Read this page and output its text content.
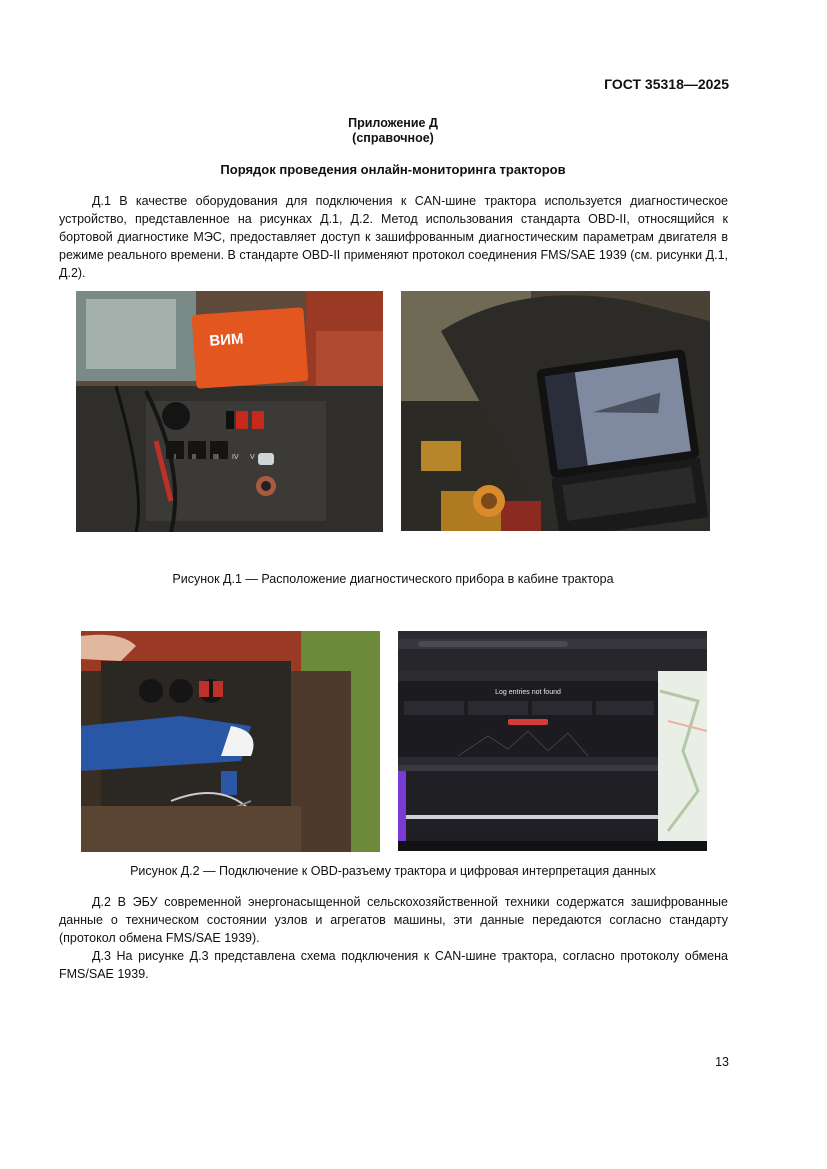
ГОСТ 35318—2025
Приложение Д
(справочное)
Порядок проведения онлайн-мониторинга тракторов
Д.1 В качестве оборудования для подключения к CAN-шине трактора используется диагностическое устройство, представленное на рисунках Д.1, Д.2. Метод использования стандарта OBD-II, относящийся к бортовой диагностике МЭС, предоставляет доступ к зашифрованным диагностическим параметрам двигателя в режиме реального времени. В стандарте OBD-II применяют протокол соединения FMS/SAE 1939 (см. рисунки Д.1, Д.2).
ВИМ
I II III IV V
Рисунок Д.1 — Расположение диагностического прибора в кабине трактора
Log entries not found
Рисунок Д.2 — Подключение к OBD-разъему трактора и цифровая интерпретация данных
Д.2 В ЭБУ современной энергонасыщенной сельскохозяйственной техники содержатся зашифрованные данные о техническом состоянии узлов и агрегатов машины, эти данные передаются согласно стандарту (протокол обмена FMS/SAE 1939).
Д.3 На рисунке Д.3 представлена схема подключения к CAN-шине трактора, согласно протоколу обмена FMS/SAE 1939.
13
